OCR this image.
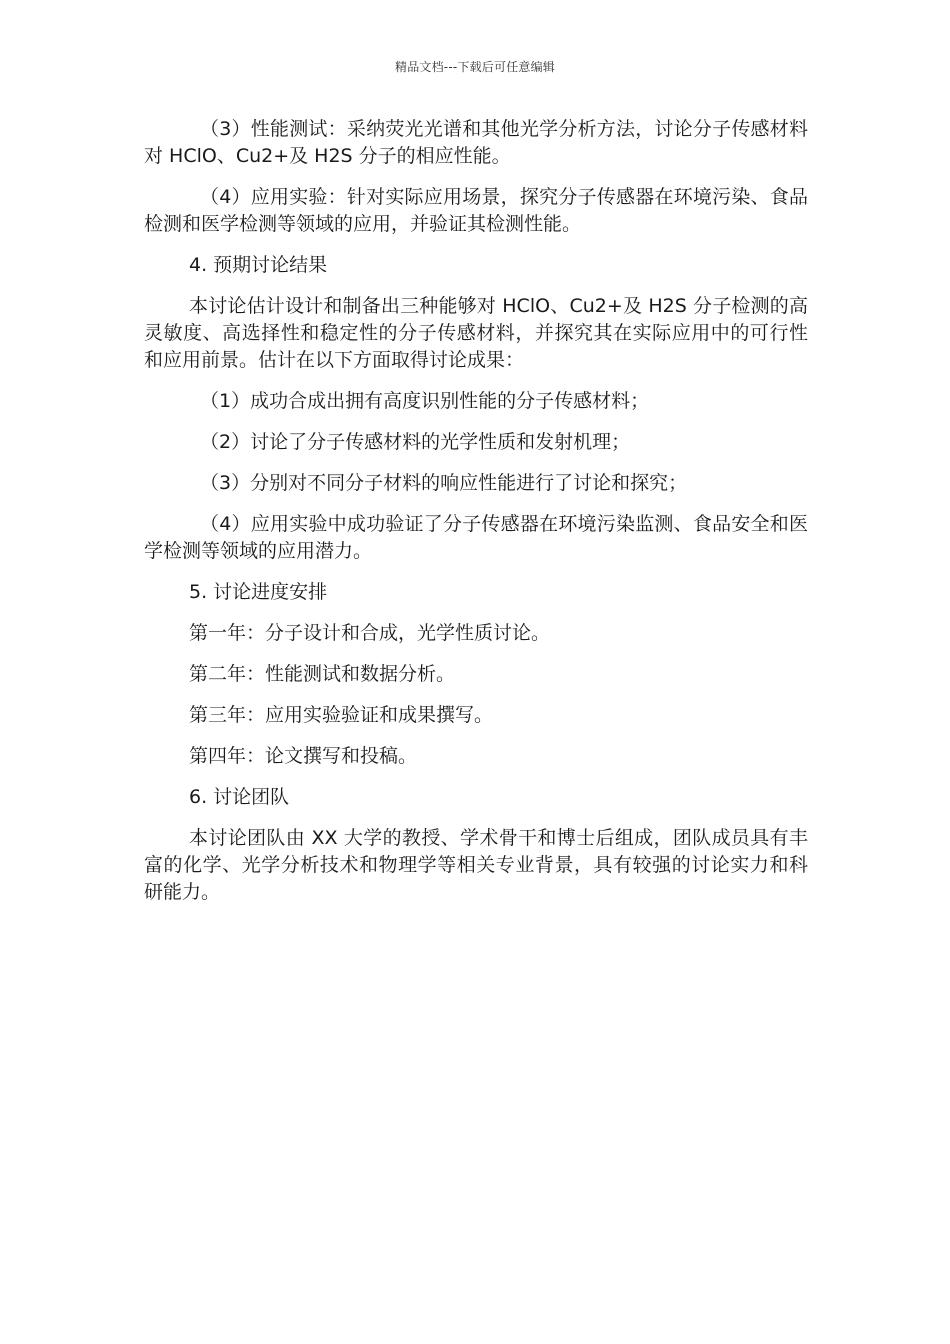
精品文档---下载后可任意编辑

（3）性能测试：采纳荧光光谱和其他光学分析方法，讨论分子传感材料对 HClO、Cu2+及 H2S 分子的相应性能。

（4）应用实验：针对实际应用场景，探究分子传感器在环境污染、食品检测和医学检测等领域的应用，并验证其检测性能。

4. 预期讨论结果

本讨论估计设计和制备出三种能够对 HClO、Cu2+及 H2S 分子检测的高灵敏度、高选择性和稳定性的分子传感材料，并探究其在实际应用中的可行性和应用前景。估计在以下方面取得讨论成果：

（1）成功合成出拥有高度识别性能的分子传感材料；

（2）讨论了分子传感材料的光学性质和发射机理；

（3）分别对不同分子材料的响应性能进行了讨论和探究；

（4）应用实验中成功验证了分子传感器在环境污染监测、食品安全和医学检测等领域的应用潜力。

5. 讨论进度安排

第一年：分子设计和合成，光学性质讨论。

第二年：性能测试和数据分析。

第三年：应用实验验证和成果撰写。

第四年：论文撰写和投稿。

6. 讨论团队

本讨论团队由 XX 大学的教授、学术骨干和博士后组成，团队成员具有丰富的化学、光学分析技术和物理学等相关专业背景，具有较强的讨论实力和科研能力。
